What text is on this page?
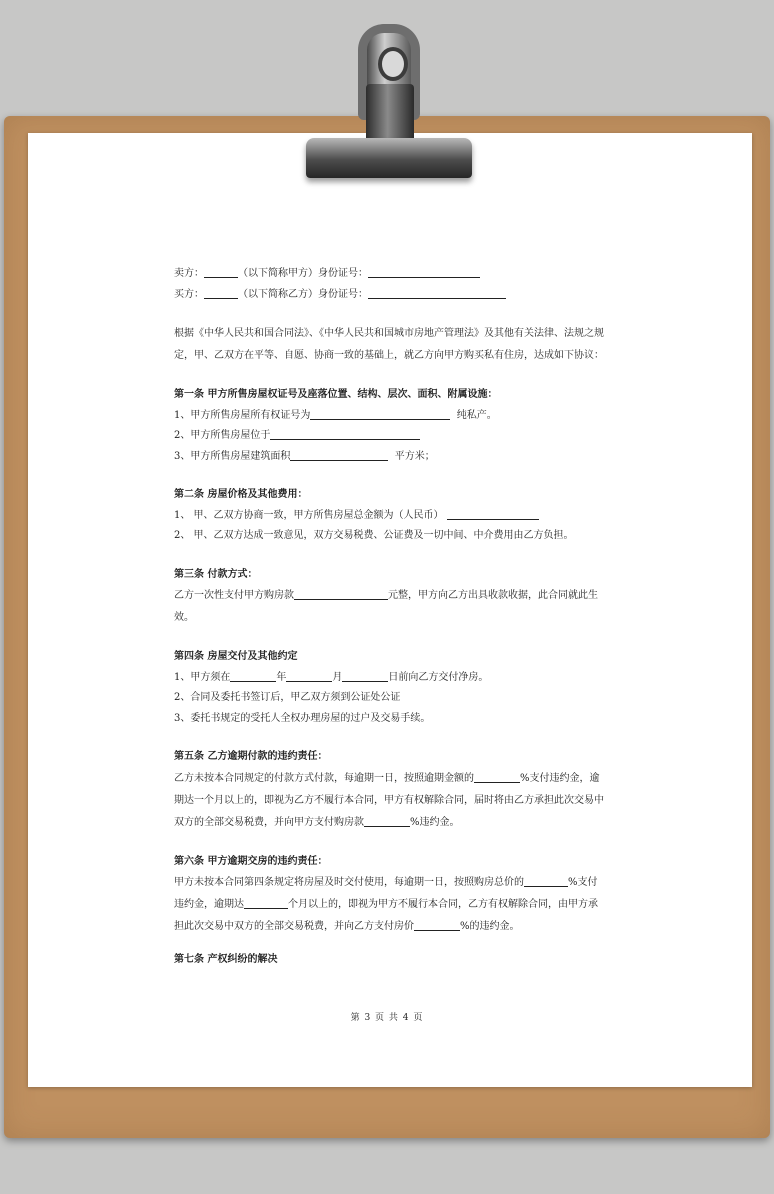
卖方：	（以下简称甲方）身份证号：
买方：	（以下简称乙方）身份证号：
根据《中华人民共和国合同法》、《中华人民共和国城市房地产管理法》及其他有关法律、法规之规定，甲、乙双方在平等、自愿、协商一致的基础上，就乙方向甲方购买私有住房，达成如下协议：
第一条 甲方所售房屋权证号及座落位置、结构、层次、面积、附属设施：
1、甲方所售房屋所有权证号为	纯私产。
2、甲方所售房屋位于
3、甲方所售房屋建筑面积	平方米；
第二条 房屋价格及其他费用：
1、 甲、乙双方协商一致，甲方所售房屋总金额为（人民币）
2、 甲、乙双方达成一致意见，双方交易税费、公证费及一切中间、中介费用由乙方负担。
第三条 付款方式：
乙方一次性支付甲方购房款	元整，甲方向乙方出具收款收据，此合同就此生效。
第四条 房屋交付及其他约定
1、甲方须在	年	月	日前向乙方交付净房。
2、合同及委托书签订后，甲乙双方须到公证处公证
3、委托书规定的受托人全权办理房屋的过户及交易手续。
第五条 乙方逾期付款的违约责任：
乙方未按本合同规定的付款方式付款，每逾期一日，按照逾期金额的	%支付违约金，逾期达一个月以上的，即视为乙方不履行本合同，甲方有权解除合同，届时将由乙方承担此次交易中双方的全部交易税费，并向甲方支付购房款	%违约金。
第六条 甲方逾期交房的违约责任：
甲方未按本合同第四条规定将房屋及时交付使用，每逾期一日，按照购房总价的	%支付违约金，逾期达	个月以上的，即视为甲方不履行本合同，乙方有权解除合同，由甲方承担此次交易中双方的全部交易税费，并向乙方支付房价	%的违约金。
第七条 产权纠纷的解决
第 3 页 共 4 页
